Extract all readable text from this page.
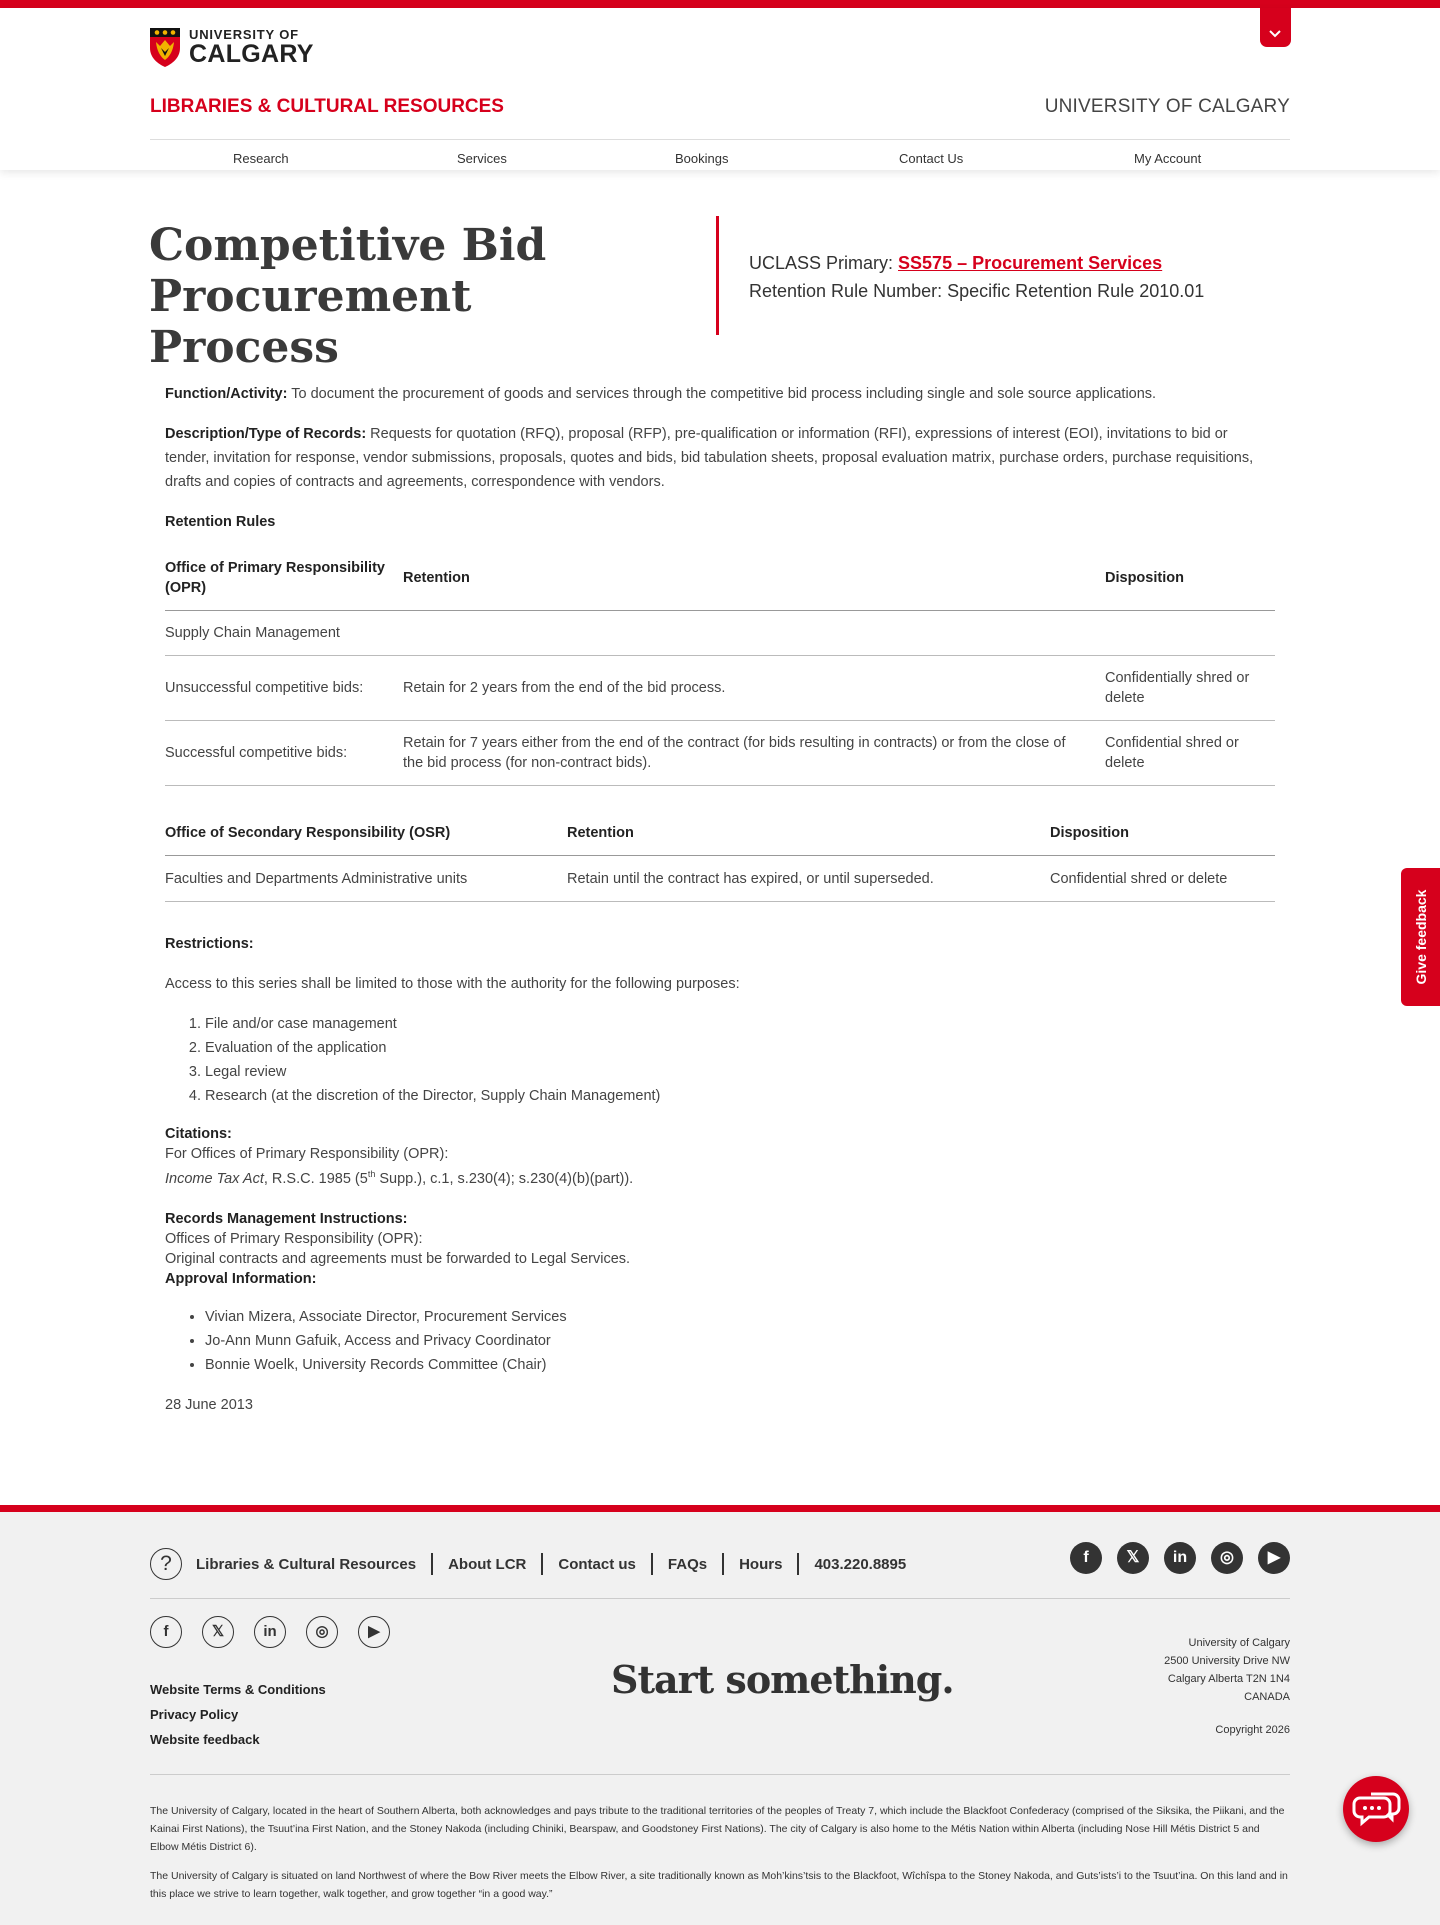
UNIVERSITY OF
CALGARY
LIBRARIES & CULTURAL RESOURCES	UNIVERSITY OF CALGARY
Research	Services	Bookings	Contact Us	My Account
Competitive Bid Procurement Process
UCLASS Primary: SS575 – Procurement Services
Retention Rule Number: Specific Retention Rule 2010.01

Function/Activity: To document the procurement of goods and services through the competitive bid process including single and sole source applications.

Description/Type of Records: Requests for quotation (RFQ), proposal (RFP), pre-qualification or information (RFI), expressions of interest (EOI), invitations to bid or tender, invitation for response, vendor submissions, proposals, quotes and bids, bid tabulation sheets, proposal evaluation matrix, purchase orders, purchase requisitions, drafts and copies of contracts and agreements, correspondence with vendors.

Retention Rules

Office of Primary Responsibility (OPR)	Retention	Disposition
Supply Chain Management		
Unsuccessful competitive bids:	Retain for 2 years from the end of the bid process.	Confidentially shred or delete
Successful competitive bids:	Retain for 7 years either from the end of the contract (for bids resulting in contracts) or from the close of the bid process (for non-contract bids).	Confidential shred or delete
Office of Secondary Responsibility (OSR)	Retention	Disposition
Faculties and Departments Administrative units	Retain until the contract has expired, or until superseded.	Confidential shred or delete

Restrictions:

Access to this series shall be limited to those with the authority for the following purposes:

1. File and/or case management
2. Evaluation of the application
3. Legal review
4. Research (at the discretion of the Director, Supply Chain Management)
Citations:
For Offices of Primary Responsibility (OPR):
Income Tax Act, R.S.C. 1985 (5th Supp.), c.1, s.230(4); s.230(4)(b)(part)).
Records Management Instructions:
Offices of Primary Responsibility (OPR):
Original contracts and agreements must be forwarded to Legal Services.
Approval Information:
• Vivian Mizera, Associate Director, Procurement Services
• Jo-Ann Munn Gafuik, Access and Privacy Coordinator
• Bonnie Woelk, University Records Committee (Chair)

28 June 2013

Give feedback
?	Libraries & Cultural Resources About LCR Contact us FAQs Hours 403.220.8895	f	𝕏	in	◎	▶
f	𝕏	in	◎	▶
Website Terms & Conditions
Privacy Policy
Website feedback
Start something.
University of Calgary
2500 University Drive NW
Calgary Alberta T2N 1N4
CANADA
Copyright 2026
The University of Calgary, located in the heart of Southern Alberta, both acknowledges and pays tribute to the traditional territories of the peoples of Treaty 7, which include the Blackfoot Confederacy (comprised of the Siksika, the Piikani, and the Kainai First Nations), the Tsuut’ina First Nation, and the Stoney Nakoda (including Chiniki, Bearspaw, and Goodstoney First Nations). The city of Calgary is also home to the Métis Nation within Alberta (including Nose Hill Métis District 5 and Elbow Métis District 6).
The University of Calgary is situated on land Northwest of where the Bow River meets the Elbow River, a site traditionally known as Moh’kins’tsis to the Blackfoot, Wîchîspa to the Stoney Nakoda, and Guts’ists’i to the Tsuut’ina. On this land and in this place we strive to learn together, walk together, and grow together “in a good way.”
